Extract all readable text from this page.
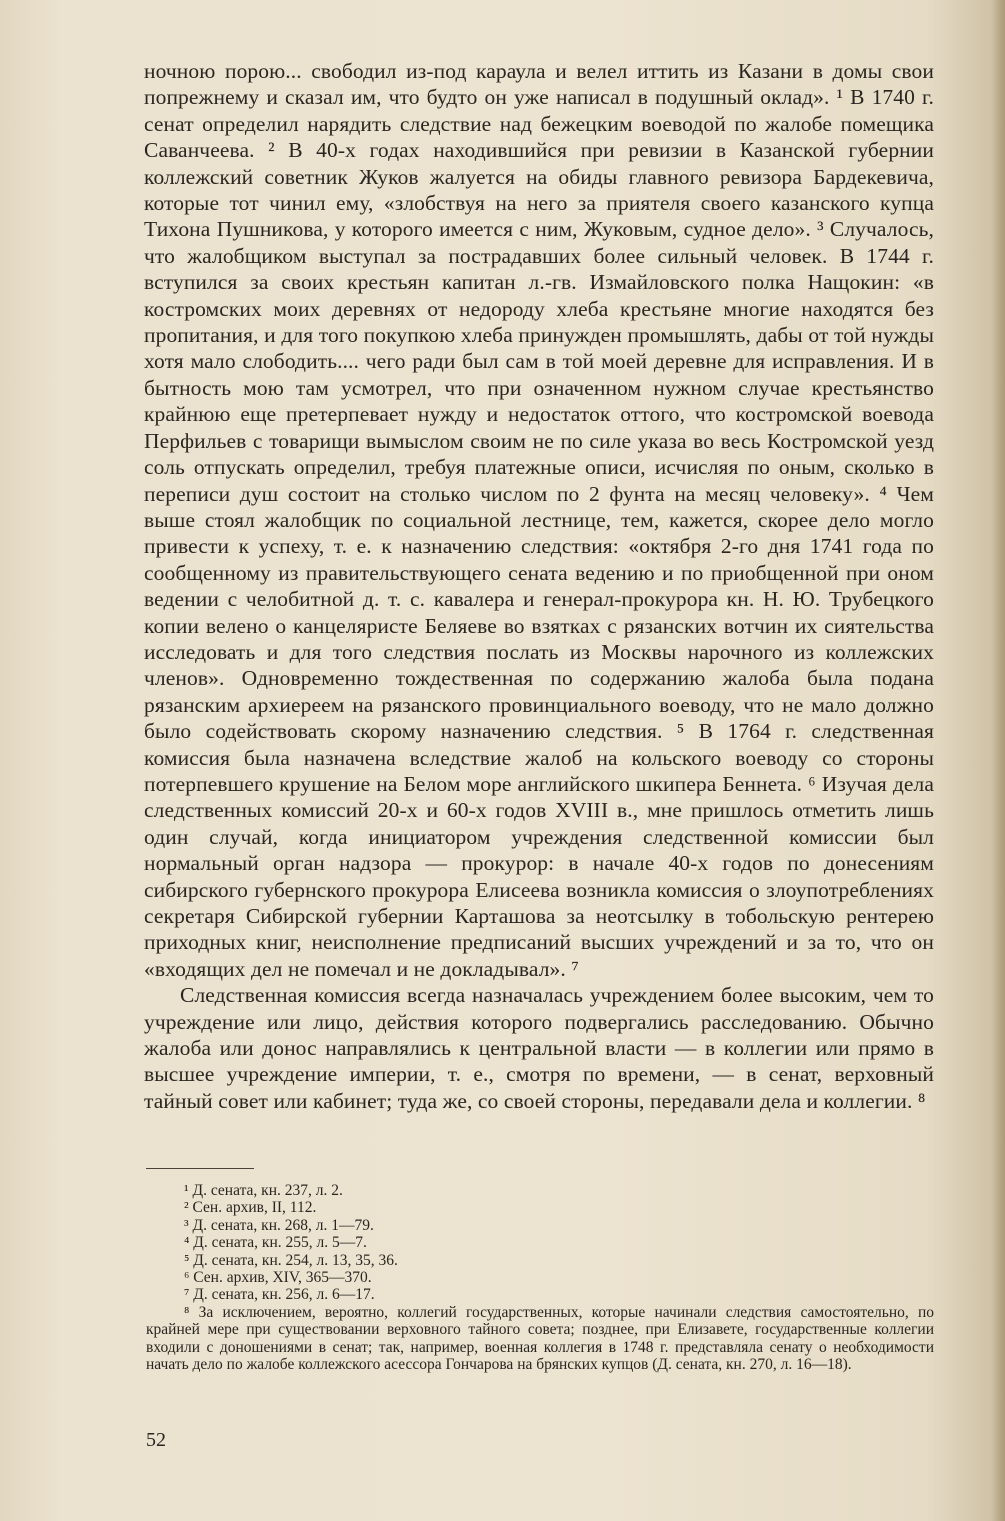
ночною порою... свободил из-под караула и велел иттить из Казани в домы свои попрежнему и сказал им, что будто он уже написал в подушный оклад». ¹ В 1740 г. сенат определил нарядить следствие над бежецким воеводой по жалобе помещика Саванчеева. ² В 40-х годах находившийся при ревизии в Казанской губернии коллежский советник Жуков жалуется на обиды главного ревизора Бардекевича, которые тот чинил ему, «злобствуя на него за приятеля своего казанского купца Тихона Пушникова, у которого имеется с ним, Жуковым, судное дело». ³ Случалось, что жалобщиком выступал за пострадавших более сильный человек. В 1744 г. вступился за своих крестьян капитан л.-гв. Измайловского полка Нащокин: «в костромских моих деревнях от недороду хлеба крестьяне многие находятся без пропитания, и для того покупкою хлеба принужден промышлять, дабы от той нужды хотя мало слободить.... чего ради был сам в той моей деревне для исправления. И в бытность мою там усмотрел, что при означенном нужном случае крестьянство крайнюю еще претерпевает нужду и недостаток оттого, что костромской воевода Перфильев с товарищи вымыслом своим не по силе указа во весь Костромской уезд соль отпускать определил, требуя платежные описи, исчисляя по оным, сколько в переписи душ состоит на столько числом по 2 фунта на месяц человеку». ⁴ Чем выше стоял жалобщик по социальной лестнице, тем, кажется, скорее дело могло привести к успеху, т. е. к назначению следствия: «октября 2-го дня 1741 года по сообщенному из правительствующего сената ведению и по приобщенной при оном ведении с челобитной д. т. с. кавалера и генерал-прокурора кн. Н. Ю. Трубецкого копии велено о канцеляристе Беляеве во взятках с рязанских вотчин их сиятельства исследовать и для того следствия послать из Москвы нарочного из коллежских членов». Одновременно тождественная по содержанию жалоба была подана рязанским архиереем на рязанского провинциального воеводу, что не мало должно было содействовать скорому назначению следствия. ⁵ В 1764 г. следственная комиссия была назначена вследствие жалоб на кольского воеводу со стороны потерпевшего крушение на Белом море английского шкипера Беннета. ⁶ Изучая дела следственных комиссий 20-х и 60-х годов XVIII в., мне пришлось отметить лишь один случай, когда инициатором учреждения следственной комиссии был нормальный орган надзора — прокурор: в начале 40-х годов по донесениям сибирского губернского прокурора Елисеева возникла комиссия о злоупотреблениях секретаря Сибирской губернии Карташова за неотсылку в тобольскую рентерею приходных книг, неисполнение предписаний высших учреждений и за то, что он «входящих дел не помечал и не докладывал». ⁷

Следственная комиссия всегда назначалась учреждением более высоким, чем то учреждение или лицо, действия которого подвергались расследованию. Обычно жалоба или донос направлялись к центральной власти — в коллегии или прямо в высшее учреждение империи, т. е., смотря по времени, — в сенат, верховный тайный совет или кабинет; туда же, со своей стороны, передавали дела и коллегии. ⁸

¹ Д. сената, кн. 237, л. 2.
² Сен. архив, II, 112.
³ Д. сената, кн. 268, л. 1—79.
⁴ Д. сената, кн. 255, л. 5—7.
⁵ Д. сената, кн. 254, л. 13, 35, 36.
⁶ Сен. архив, XIV, 365—370.
⁷ Д. сената, кн. 256, л. 6—17.
⁸ За исключением, вероятно, коллегий государственных, которые начинали следствия самостоятельно, по крайней мере при существовании верховного тайного совета; позднее, при Елизавете, государственные коллегии входили с доношениями в сенат; так, например, военная коллегия в 1748 г. представляла сенату о необходимости начать дело по жалобе коллежского асессора Гончарова на брянских купцов (Д. сената, кн. 270, л. 16—18).
52
